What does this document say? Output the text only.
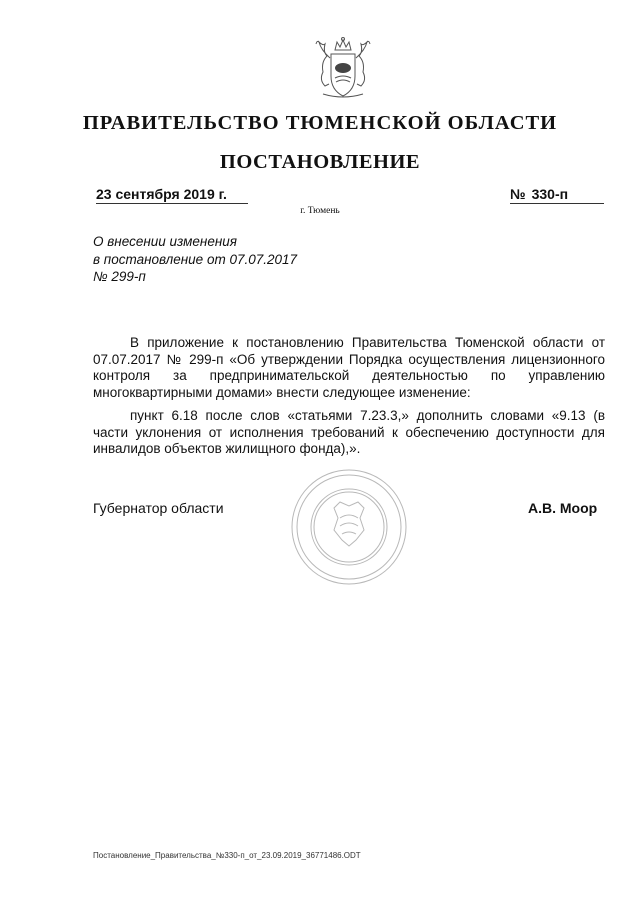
ПРАВИТЕЛЬСТВО ТЮМЕНСКОЙ ОБЛАСТИ
ПОСТАНОВЛЕНИЕ
23 сентября 2019 г.	№ 330-п
г. Тюмень
О внесении изменения
в постановление от 07.07.2017
№ 299-п

В приложение к постановлению Правительства Тюменской области от 07.07.2017 № 299-п «Об утверждении Порядка осуществления лицензионного контроля за предпринимательской деятельностью по управлению многоквартирными домами» внести следующее изменение:

пункт 6.18 после слов «статьями 7.23.3,» дополнить словами «9.13 (в части уклонения от исполнения требований к обеспечению доступности для инвалидов объектов жилищного фонда),».

Губернатор области	А.В. Моор
Постановление_Правительства_№330-п_от_23.09.2019_36771486.ODT
